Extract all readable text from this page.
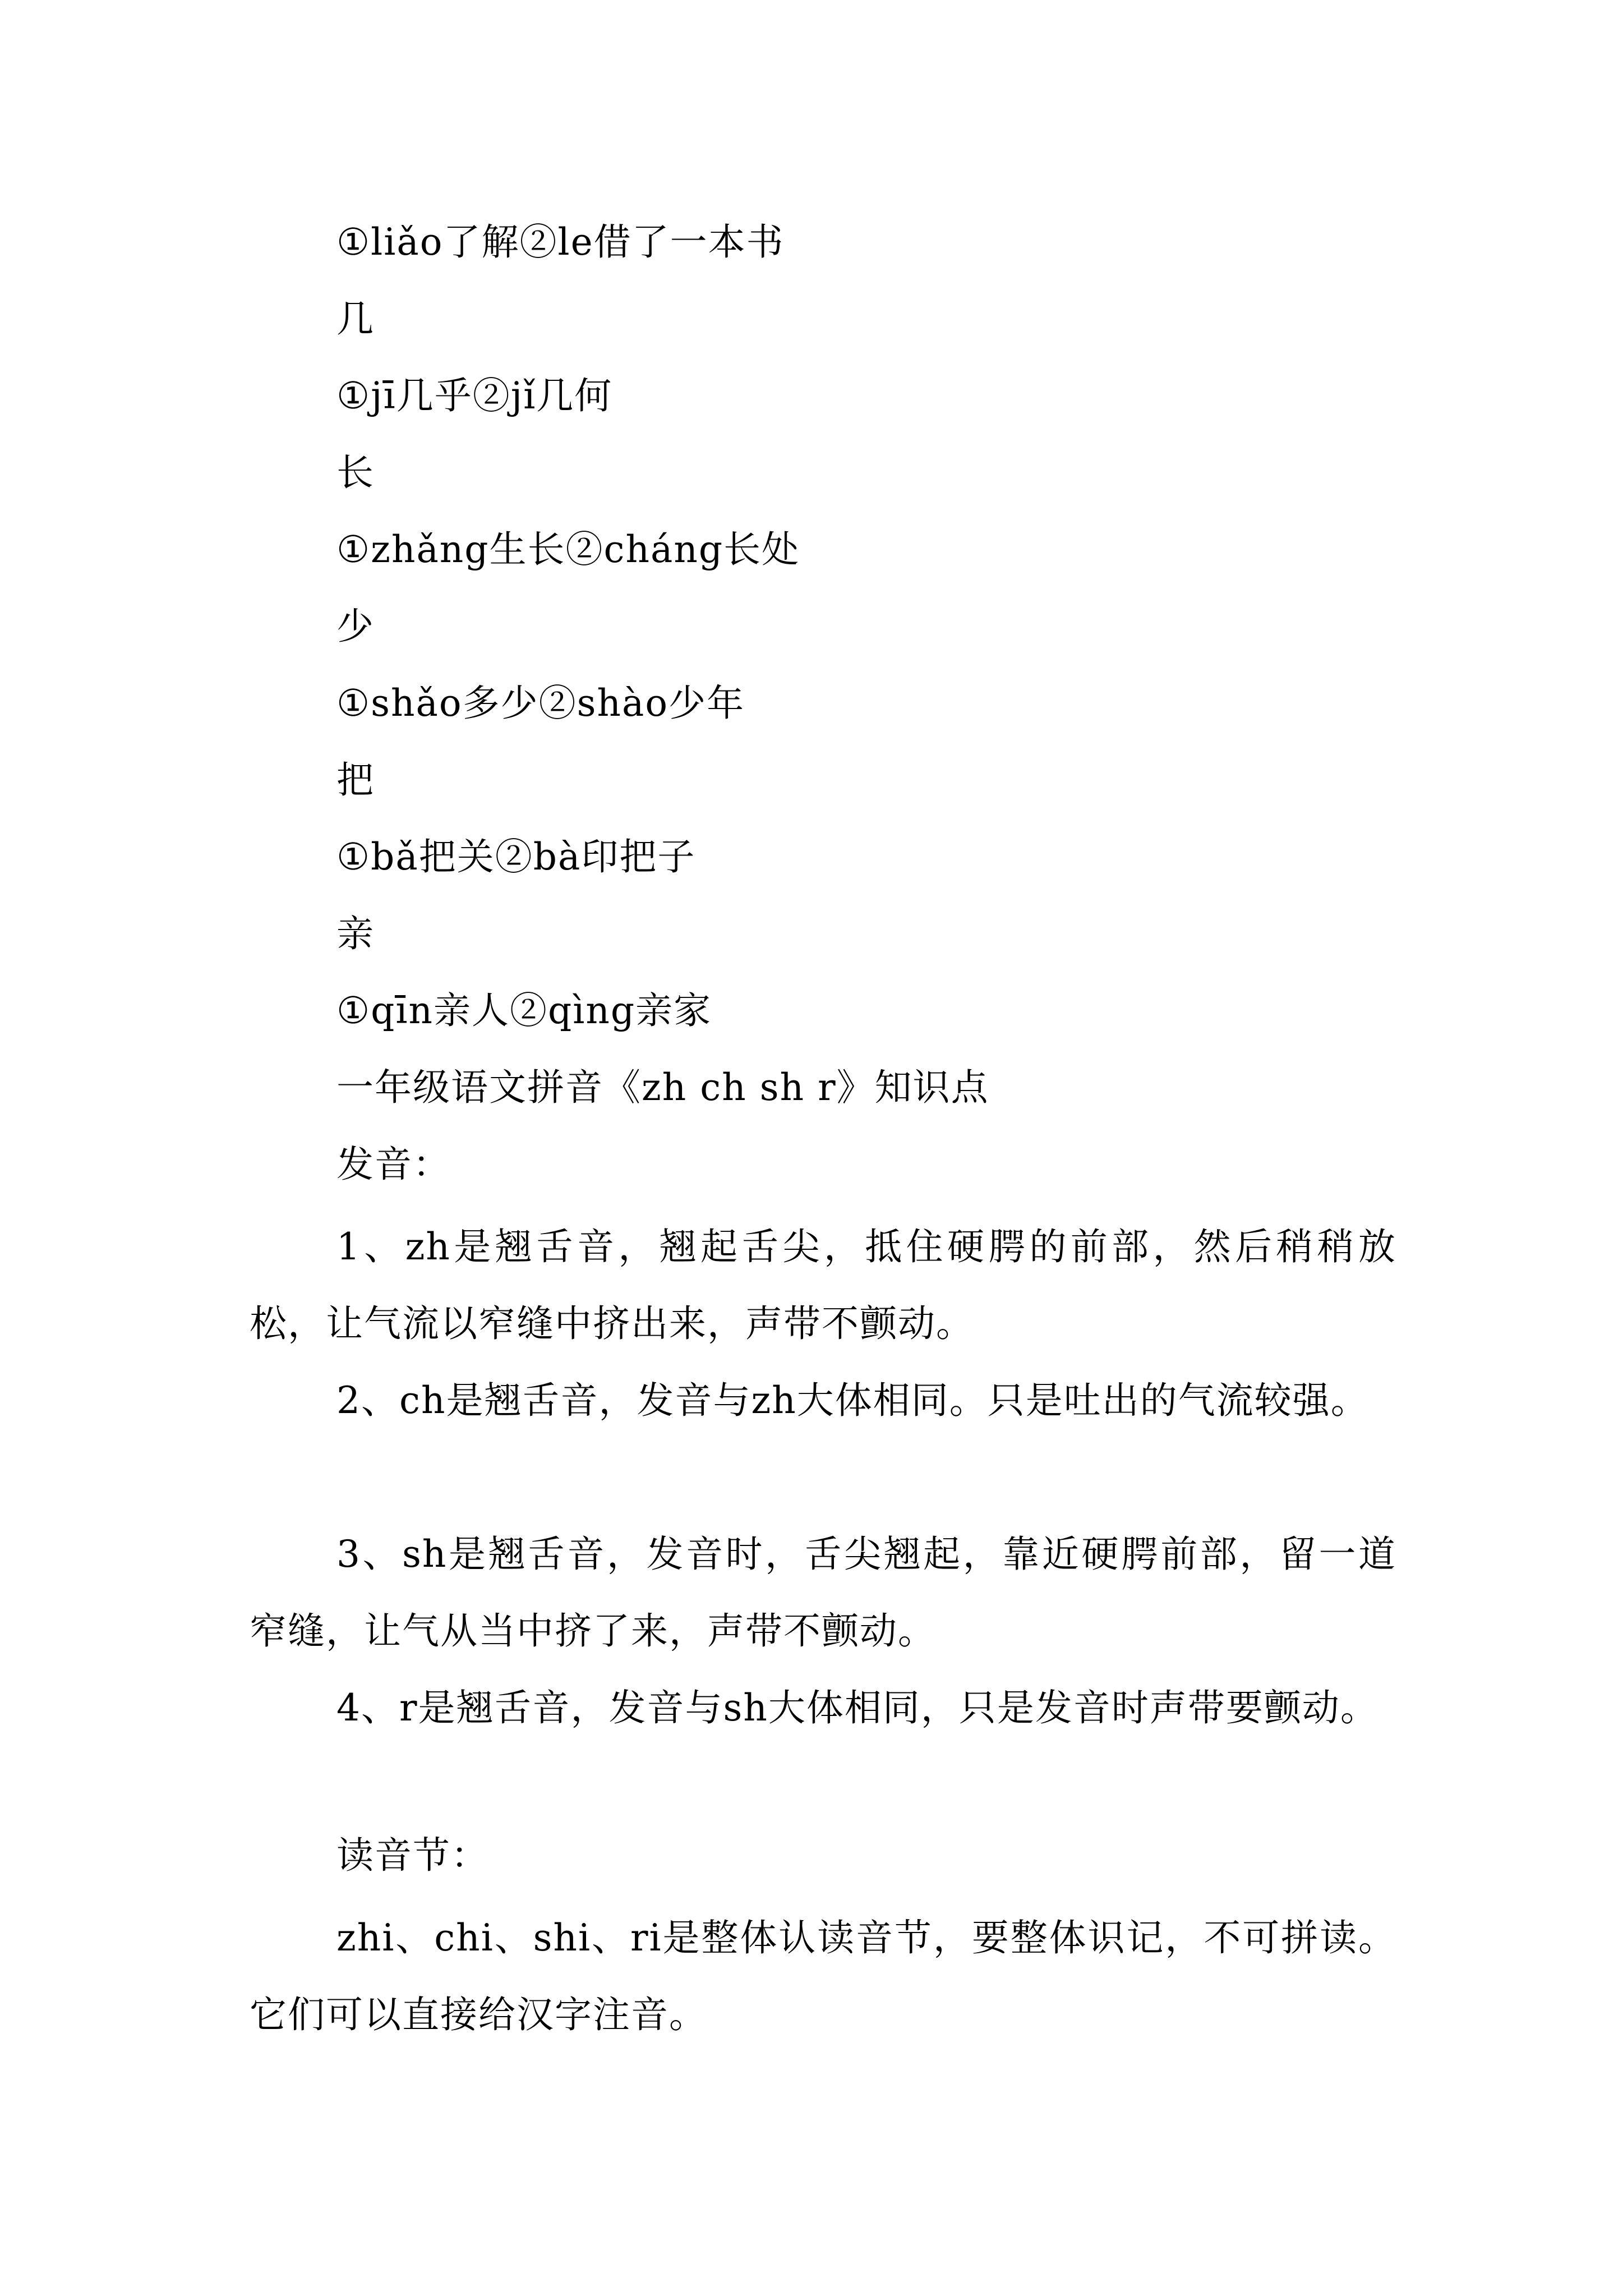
①liǎo了解②le借了一本书
几
①jī几乎②jǐ几何
长
①zhǎng生长②cháng长处
少
①shǎo多少②shào少年
把
①bǎ把关②bà印把子
亲
①qīn亲人②qìng亲家
一年级语文拼音《zh ch sh r》知识点
发音：
1、zh是翘舌音，翘起舌尖，抵住硬腭的前部，然后稍稍放松，让气流以窄缝中挤出来，声带不颤动。
2、ch是翘舌音，发音与zh大体相同。只是吐出的气流较强。
3、sh是翘舌音，发音时，舌尖翘起，靠近硬腭前部，留一道窄缝，让气从当中挤了来，声带不颤动。
4、r是翘舌音，发音与sh大体相同，只是发音时声带要颤动。
读音节：
zhi、chi、shi、ri是整体认读音节，要整体识记，不可拼读。它们可以直接给汉字注音。
